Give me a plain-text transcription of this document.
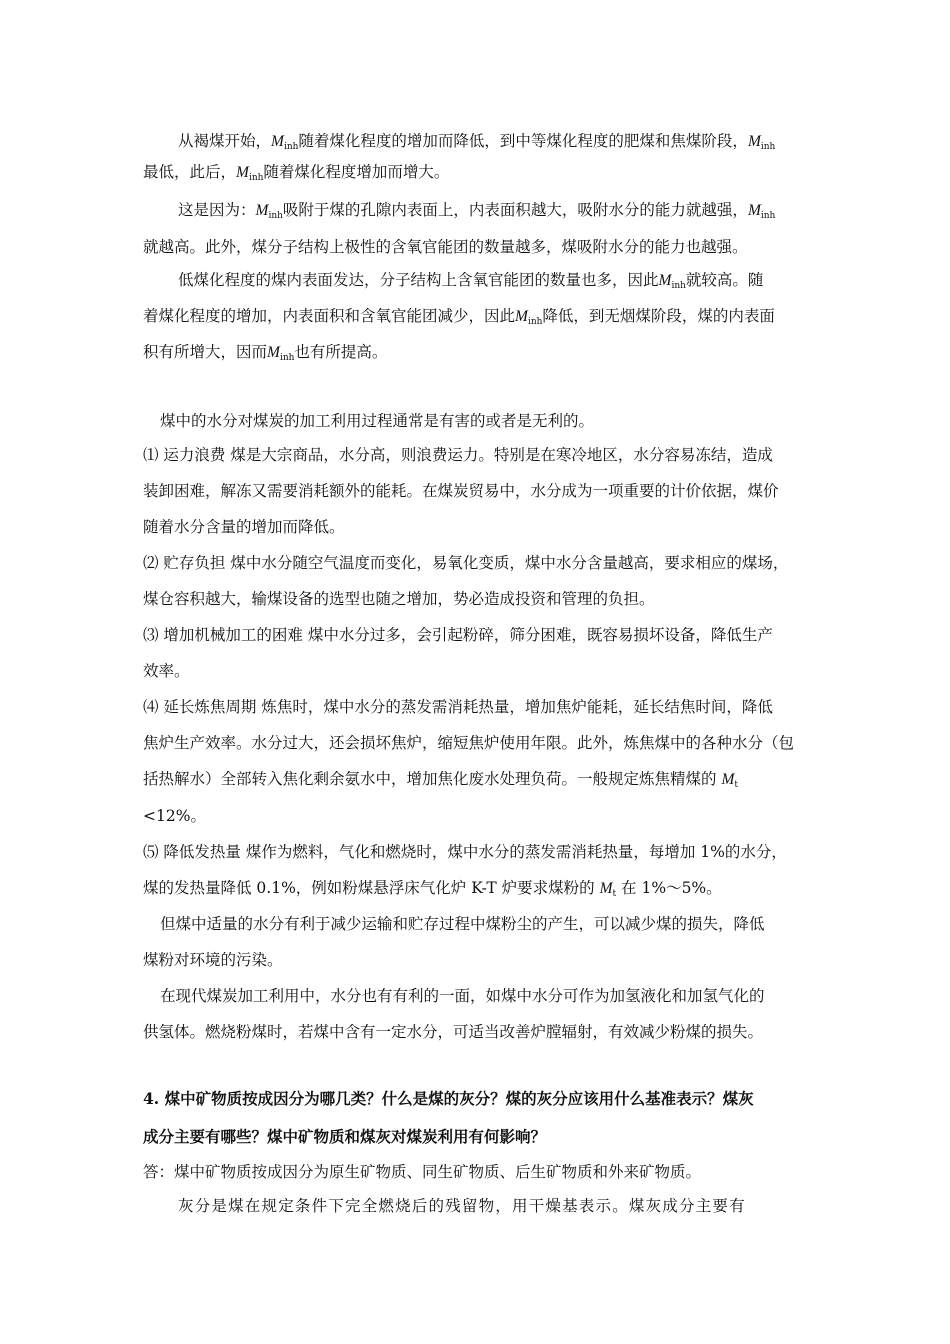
从褐煤开始，$M_{inh}$随着煤化程度的增加而降低，到中等煤化程度的肥煤和焦煤阶段，$M_{inh}$
最低，此后，$M_{inh}$随着煤化程度增加而增大。
这是因为：$M_{inh}$吸附于煤的孔隙内表面上，内表面积越大，吸附水分的能力就越强，$M_{inh}$
就越高。此外，煤分子结构上极性的含氧官能团的数量越多，煤吸附水分的能力也越强。
低煤化程度的煤内表面发达，分子结构上含氧官能团的数量也多，因此$M_{inh}$就较高。随
着煤化程度的增加，内表面积和含氧官能团减少，因此$M_{inh}$降低，到无烟煤阶段，煤的内表面
积有所增大，因而$M_{inh}$也有所提高。
煤中的水分对煤炭的加工利用过程通常是有害的或者是无利的。
⑴ 运力浪费 煤是大宗商品，水分高，则浪费运力。特别是在寒冷地区，水分容易冻结，造成
装卸困难，解冻又需要消耗额外的能耗。在煤炭贸易中，水分成为一项重要的计价依据，煤价
随着水分含量的增加而降低。
⑵ 贮存负担 煤中水分随空气温度而变化，易氧化变质，煤中水分含量越高，要求相应的煤场，
煤仓容积越大，输煤设备的选型也随之增加，势必造成投资和管理的负担。
⑶ 增加机械加工的困难 煤中水分过多，会引起粉碎，筛分困难，既容易损坏设备，降低生产
效率。
⑷ 延长炼焦周期 炼焦时，煤中水分的蒸发需消耗热量，增加焦炉能耗，延长结焦时间，降低
焦炉生产效率。水分过大，还会损坏焦炉，缩短焦炉使用年限。此外，炼焦煤中的各种水分（包
括热解水）全部转入焦化剩余氨水中，增加焦化废水处理负荷。一般规定炼焦精煤的 $M_t$
<12%。
⑸ 降低发热量 煤作为燃料，气化和燃烧时，煤中水分的蒸发需消耗热量，每增加 1%的水分，
煤的发热量降低 0.1%，例如粉煤悬浮床气化炉 K-T 炉要求煤粉的 $M_t$ 在 1%～5%。
但煤中适量的水分有利于减少运输和贮存过程中煤粉尘的产生，可以减少煤的损失，降低
煤粉对环境的污染。
在现代煤炭加工利用中，水分也有有利的一面，如煤中水分可作为加氢液化和加氢气化的
供氢体。燃烧粉煤时，若煤中含有一定水分，可适当改善炉膛辐射，有效减少粉煤的损失。
4. 煤中矿物质按成因分为哪几类？什么是煤的灰分？煤的灰分应该用什么基准表示？煤灰
成分主要有哪些？煤中矿物质和煤灰对煤炭利用有何影响？
答：煤中矿物质按成因分为原生矿物质、同生矿物质、后生矿物质和外来矿物质。
灰分是煤在规定条件下完全燃烧后的残留物，用干燥基表示。煤灰成分主要有
